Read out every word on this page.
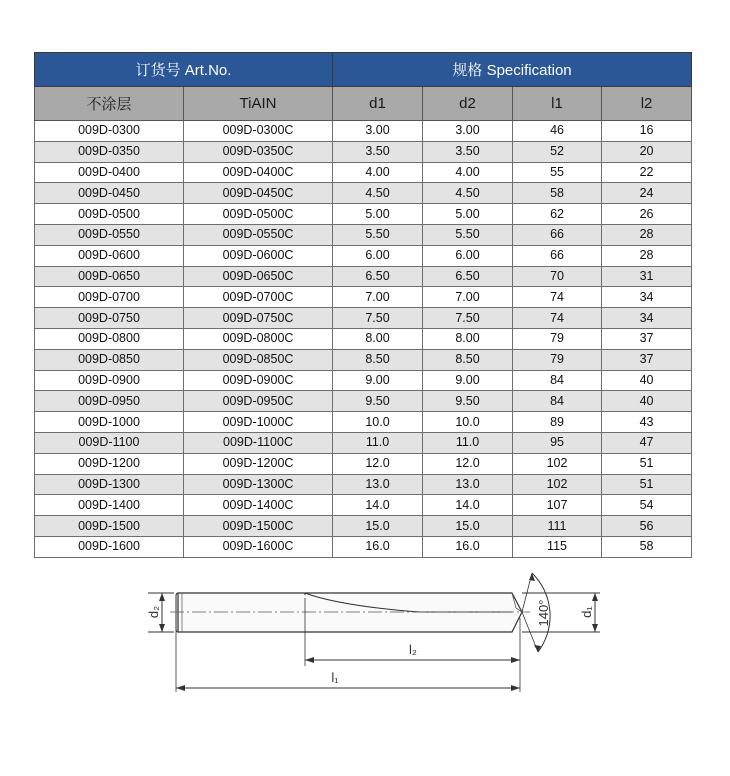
订货号 Art.No.		规格 Specification			
不涂层	TiAIN	d1	d2	l1	l2
009D-0300	009D-0300C	3.00	3.00	46	16
009D-0350	009D-0350C	3.50	3.50	52	20
009D-0400	009D-0400C	4.00	4.00	55	22
009D-0450	009D-0450C	4.50	4.50	58	24
009D-0500	009D-0500C	5.00	5.00	62	26
009D-0550	009D-0550C	5.50	5.50	66	28
009D-0600	009D-0600C	6.00	6.00	66	28
009D-0650	009D-0650C	6.50	6.50	70	31
009D-0700	009D-0700C	7.00	7.00	74	34
009D-0750	009D-0750C	7.50	7.50	74	34
009D-0800	009D-0800C	8.00	8.00	79	37
009D-0850	009D-0850C	8.50	8.50	79	37
009D-0900	009D-0900C	9.00	9.00	84	40
009D-0950	009D-0950C	9.50	9.50	84	40
009D-1000	009D-1000C	10.0	10.0	89	43
009D-1100	009D-1100C	11.0	11.0	95	47
009D-1200	009D-1200C	12.0	12.0	102	51
009D-1300	009D-1300C	13.0	13.0	102	51
009D-1400	009D-1400C	14.0	14.0	107	54
009D-1500	009D-1500C	15.0	15.0	111	56
009D-1600	009D-1600C	16.0	16.0	115	58
d₂	140° d₁
l₂
l₁
